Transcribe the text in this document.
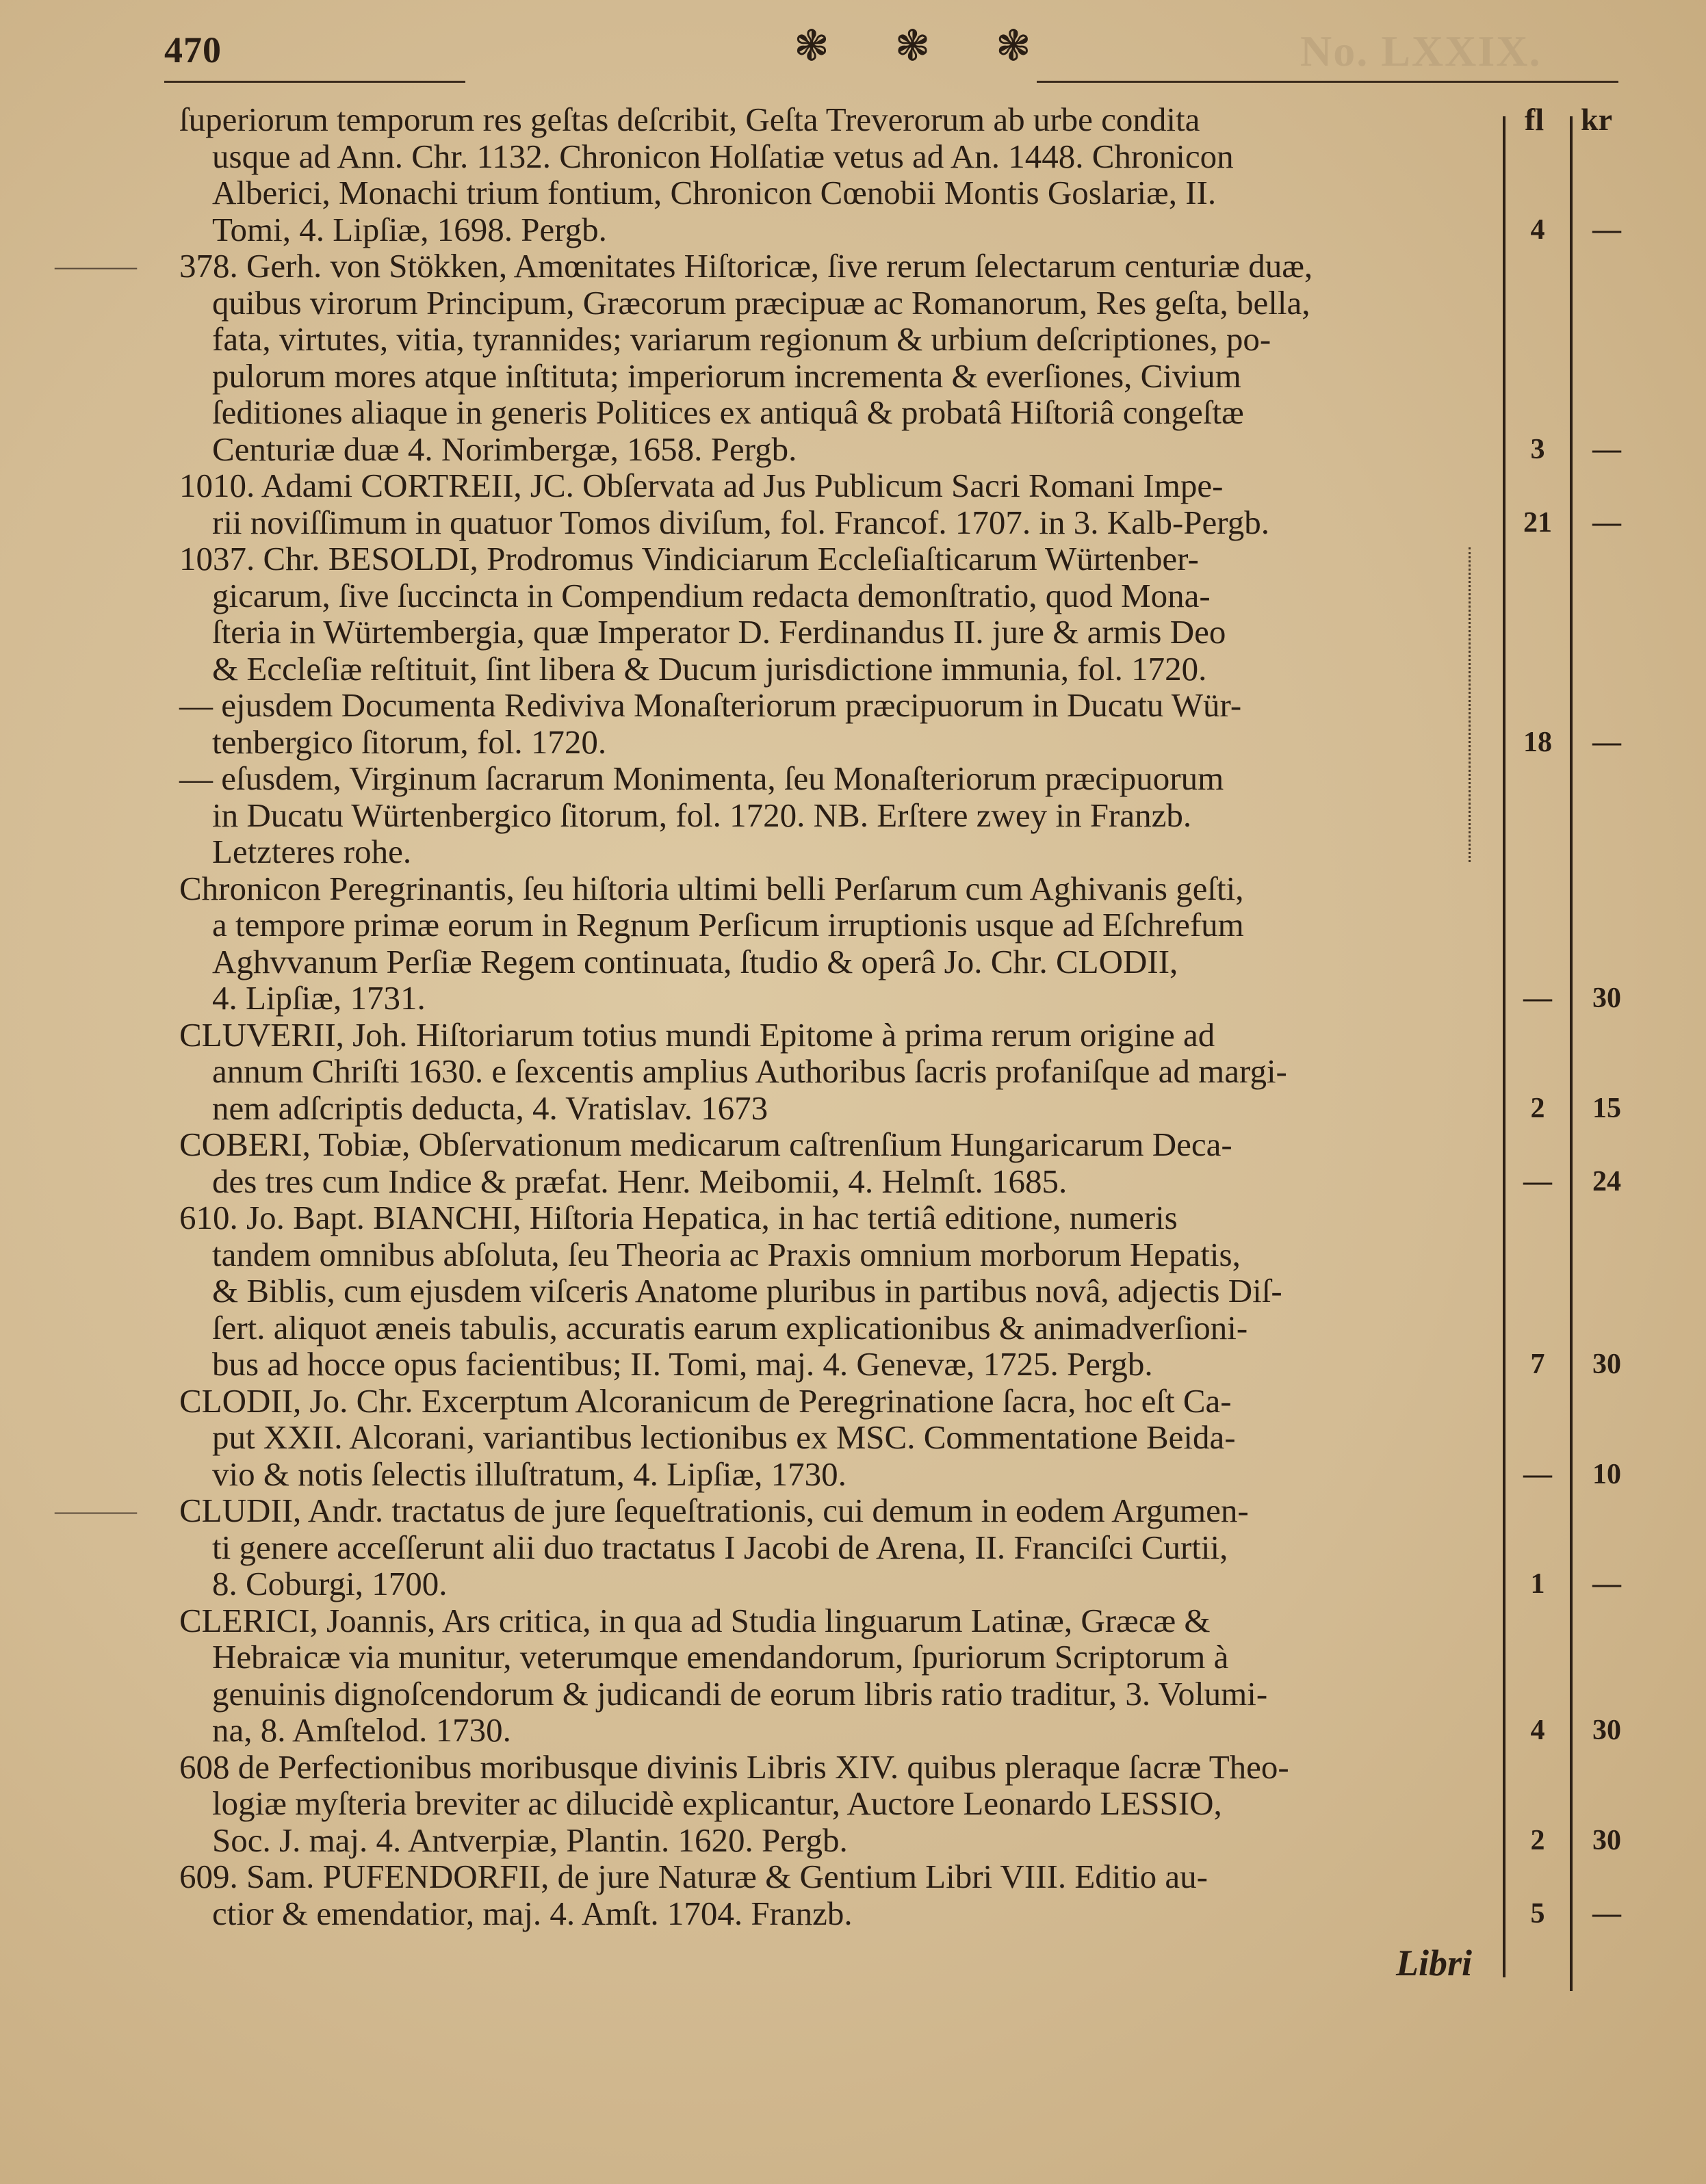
470	❃ ❃ ❃	No. LXXIX.
fl kr
ſuperiorum temporum res geſtas deſcribit, Geſta Treverorum ab urbe condita
usque ad Ann. Chr. 1132. Chronicon Holſatiæ vetus ad An. 1448. Chronicon
Alberici, Monachi trium fontium, Chronicon Cœnobii Montis Goslariæ, II.
Tomi, 4. Lipſiæ, 1698. Pergb.	4	—
———	378. Gerh. von Stökken, Amœnitates Hiſtoricæ, ſive rerum ſelectarum centuriæ duæ,
quibus virorum Principum, Græcorum præcipuæ ac Romanorum, Res geſta, bella,
fata, virtutes, vitia, tyrannides; variarum regionum & urbium deſcriptiones, po-
pulorum mores atque inſtituta; imperiorum incrementa & everſiones, Civium
ſeditiones aliaque in generis Politices ex antiquâ & probatâ Hiſtoriâ congeſtæ
Centuriæ duæ 4. Norimbergæ, 1658. Pergb.	3	—
1010. Adami CORTREII, JC. Obſervata ad Jus Publicum Sacri Romani Impe-
rii noviſſimum in quatuor Tomos diviſum, fol. Francof. 1707. in 3. Kalb-Pergb.	21	—
1037. Chr. BESOLDI, Prodromus Vindiciarum Eccleſiaſticarum Würtenber-
gicarum, ſive ſuccincta in Compendium redacta demonſtratio, quod Mona-
ſteria in Würtembergia, quæ Imperator D. Ferdinandus II. jure & armis Deo
& Eccleſiæ reſtituit, ſint libera & Ducum jurisdictione immunia, fol. 1720.
— ejusdem Documenta Rediviva Monaſteriorum præcipuorum in Ducatu Wür-
tenbergico ſitorum, fol. 1720.	18	—
— eſusdem, Virginum ſacrarum Monimenta, ſeu Monaſteriorum præcipuorum
in Ducatu Würtenbergico ſitorum, fol. 1720. NB. Erſtere zwey in Franzb.
Letzteres rohe.
Chronicon Peregrinantis, ſeu hiſtoria ultimi belli Perſarum cum Aghivanis geſti,
a tempore primæ eorum in Regnum Perſicum irruptionis usque ad Eſchrefum
Aghvvanum Perſiæ Regem continuata, ſtudio & operâ Jo. Chr. CLODII,
4. Lipſiæ, 1731.	—	30
CLUVERII, Joh. Hiſtoriarum totius mundi Epitome à prima rerum origine ad
annum Chriſti 1630. e ſexcentis amplius Authoribus ſacris profaniſque ad margi-
nem adſcriptis deducta, 4. Vratislav. 1673	2	15
COBERI, Tobiæ, Obſervationum medicarum caſtrenſium Hungaricarum Deca-
des tres cum Indice & præfat. Henr. Meibomii, 4. Helmſt. 1685.	—	24
610. Jo. Bapt. BIANCHI, Hiſtoria Hepatica, in hac tertiâ editione, numeris
tandem omnibus abſoluta, ſeu Theoria ac Praxis omnium morborum Hepatis,
& Biblis, cum ejusdem viſceris Anatome pluribus in partibus novâ, adjectis Diſ-
ſert. aliquot æneis tabulis, accuratis earum explicationibus & animadverſioni-
bus ad hocce opus facientibus; II. Tomi, maj. 4. Genevæ, 1725. Pergb.	7	30
CLODII, Jo. Chr. Excerptum Alcoranicum de Peregrinatione ſacra, hoc eſt Ca-
put XXII. Alcorani, variantibus lectionibus ex MSC. Commentatione Beida-
vio & notis ſelectis illuſtratum, 4. Lipſiæ, 1730.	—	10
———	CLUDII, Andr. tractatus de jure ſequeſtrationis, cui demum in eodem Argumen-
ti genere acceſſerunt alii duo tractatus I Jacobi de Arena, II. Franciſci Curtii,
8. Coburgi, 1700.	1	—
CLERICI, Joannis, Ars critica, in qua ad Studia linguarum Latinæ, Græcæ &
Hebraicæ via munitur, veterumque emendandorum, ſpuriorum Scriptorum à
genuinis dignoſcendorum & judicandi de eorum libris ratio traditur, 3. Volumi-
na, 8. Amſtelod. 1730.	4	30
608 de Perfectionibus moribusque divinis Libris XIV. quibus pleraque ſacræ Theo-
logiæ myſteria breviter ac dilucidè explicantur, Auctore Leonardo LESSIO,
Soc. J. maj. 4. Antverpiæ, Plantin. 1620. Pergb.	2	30
609. Sam. PUFENDORFII, de jure Naturæ & Gentium Libri VIII. Editio au-
ctior & emendatior, maj. 4. Amſt. 1704. Franzb.	5	—
Libri
